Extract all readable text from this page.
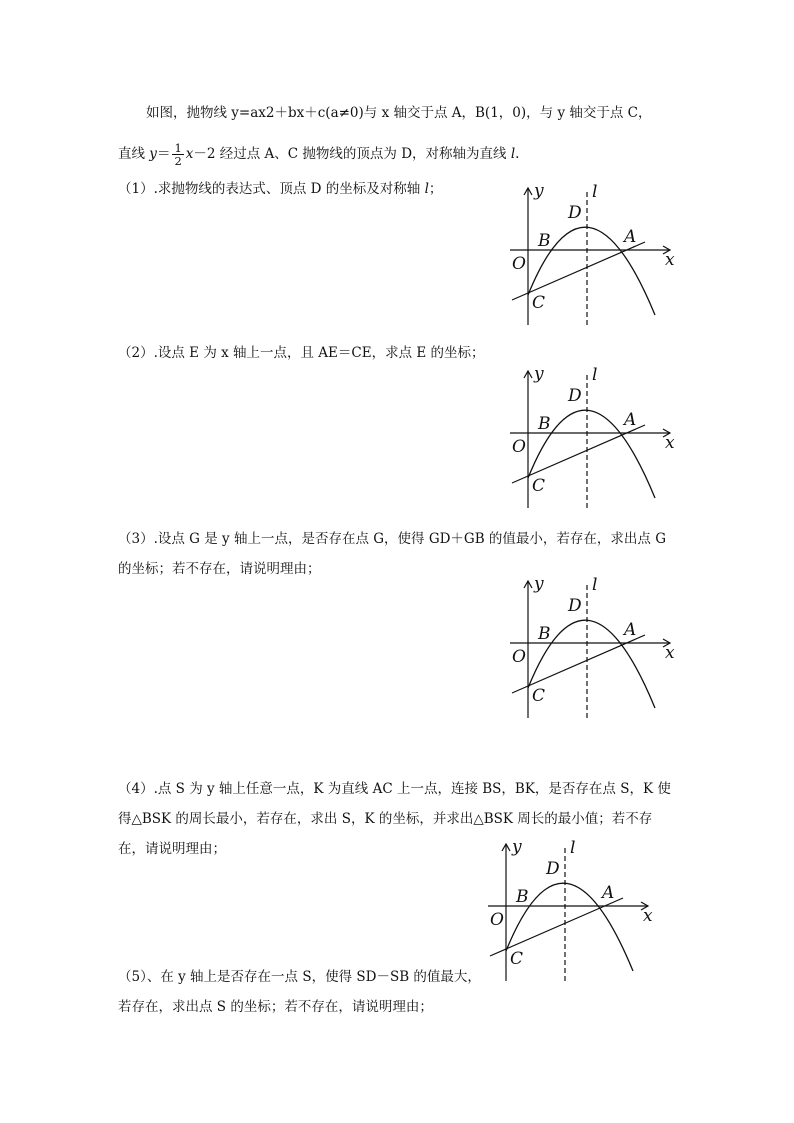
如图，抛物线 y=ax2＋bx＋c(a≠0)与 x 轴交于点 A，B(1，0)，与 y 轴交于点 C，
直线 $y= \frac{1}{2} x-2$ 经过点 A、C 抛物线的顶点为 D，对称轴为直线 l.
（1）.求抛物线的表达式、顶点 D 的坐标及对称轴 l；
（2）.设点 E 为 x 轴上一点，且 AE＝CE，求点 E 的坐标；
（3）.设点 G 是 y 轴上一点，是否存在点 G，使得 GD＋GB 的值最小，若存在，求出点 G
的坐标；若不存在，请说明理由；
（4）.点 S 为 y 轴上任意一点，K 为直线 AC 上一点，连接 BS，BK，是否存在点 S，K 使
得△BSK 的周长最小，若存在，求出 S，K 的坐标，并求出△BSK 周长的最小值；若不存
在，请说明理由；
（5）、在 y 轴上是否存在一点 S，使得 SD－SB 的值最大，
若存在，求出点 S 的坐标；若不存在，请说明理由；
y	l
D
B	A
O	x
C
y	l
D
B	A
O	x
C
y	l
D
B	A
O	x
C
y	l
D
B	A
O	x
C
